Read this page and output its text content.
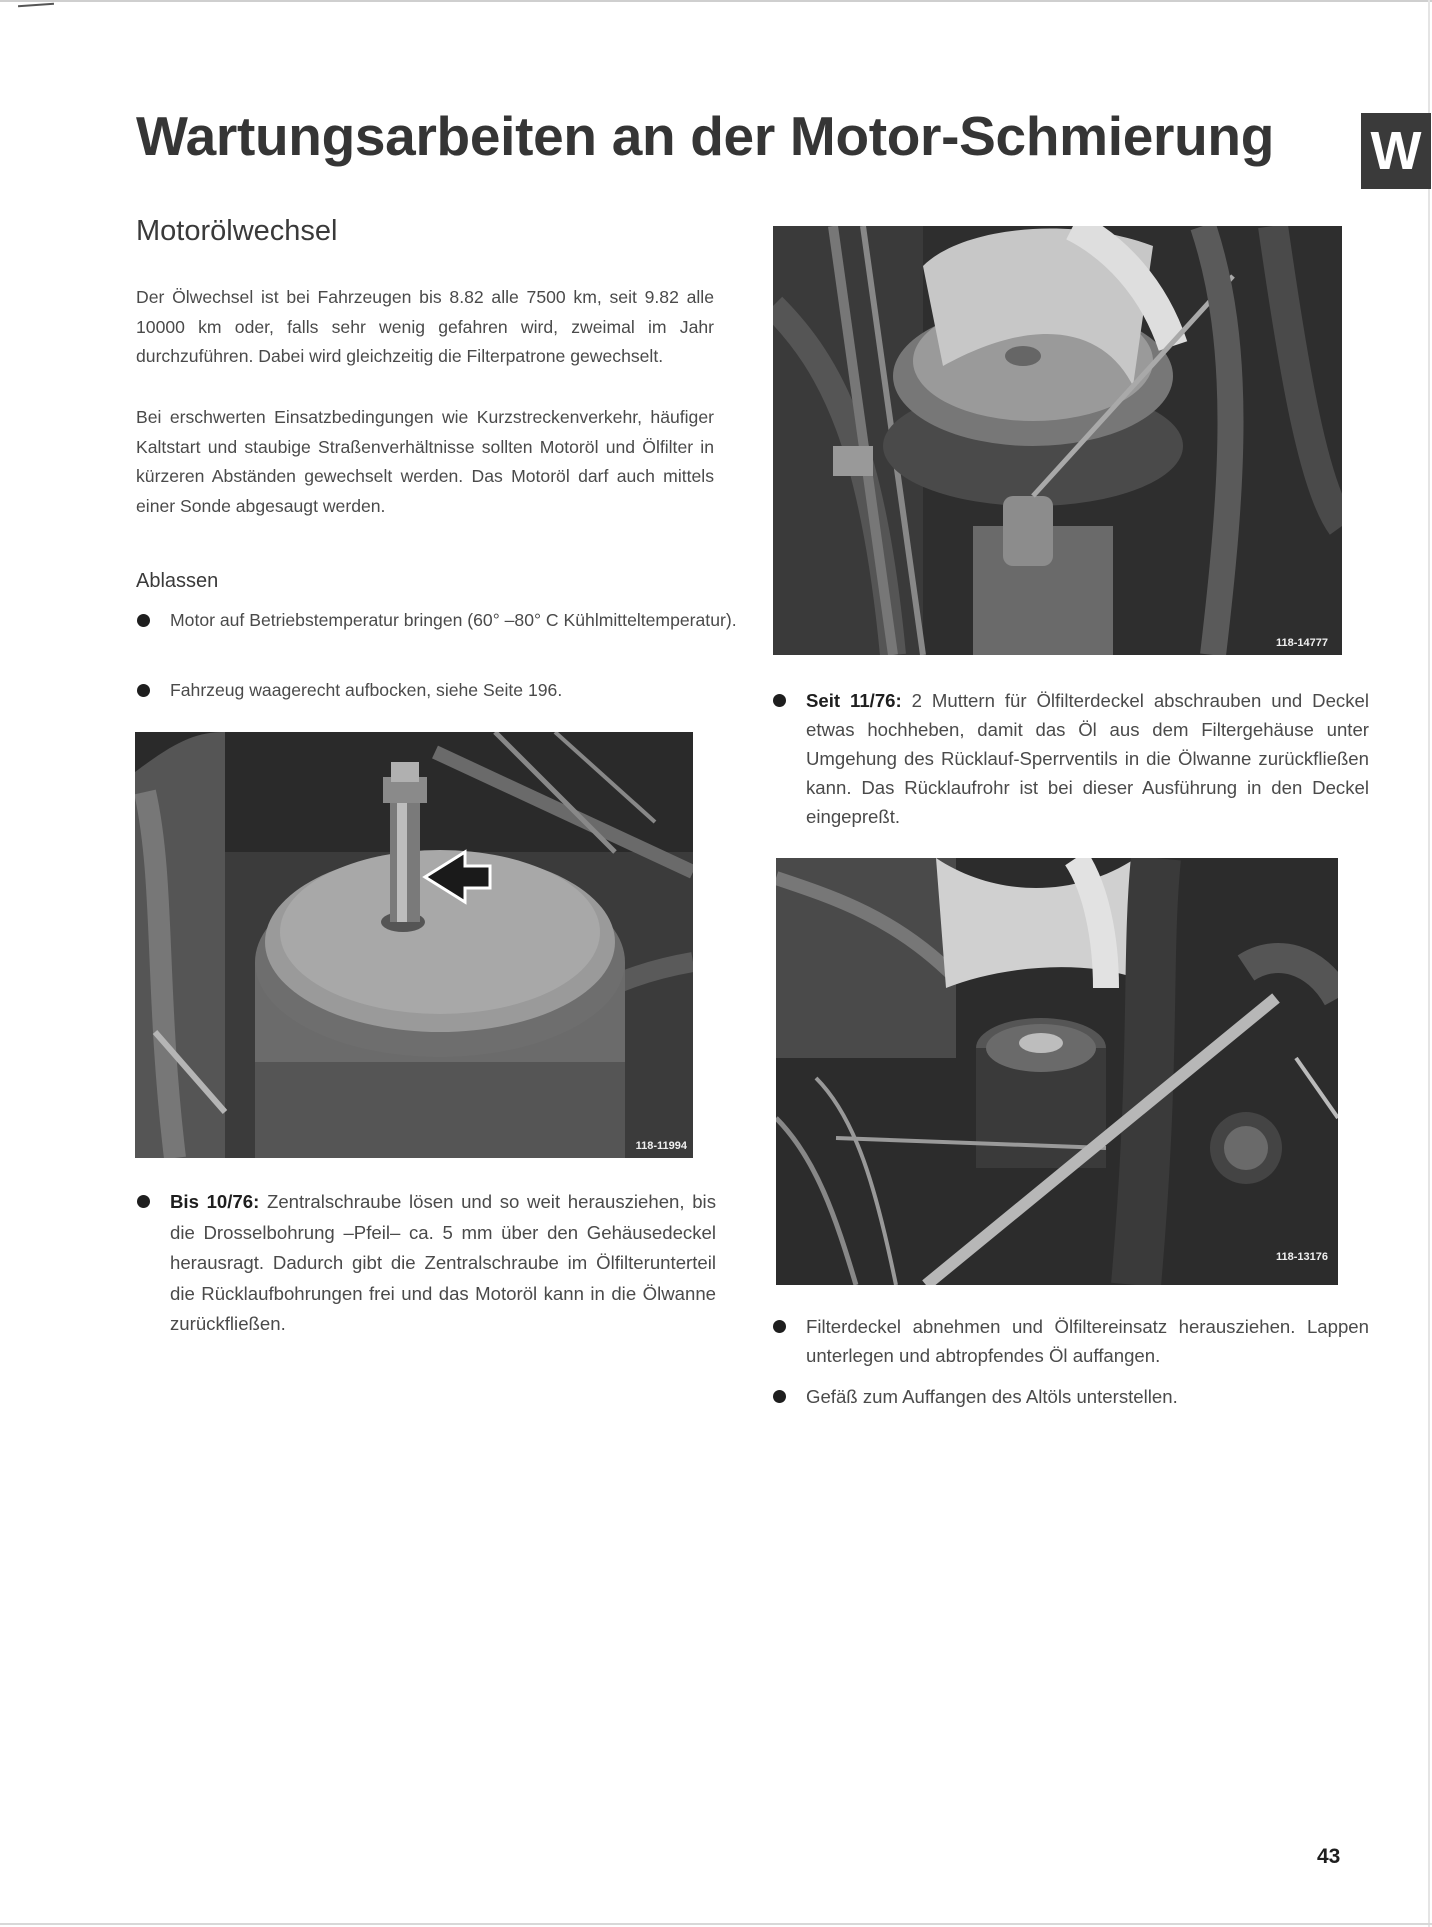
Wartungsarbeiten an der Motor-Schmierung W
Motorölwechsel

Der Ölwechsel ist bei Fahrzeugen bis 8.82 alle 7500 km, seit 9.82 alle 10000 km oder, falls sehr wenig gefahren wird, zweimal im Jahr durchzuführen. Dabei wird gleichzeitig die Filterpatrone gewechselt.

Bei erschwerten Einsatzbedingungen wie Kurzstreckenverkehr, häufiger Kaltstart und staubige Straßenverhältnisse sollten Motoröl und Ölfilter in kürzeren Abständen gewechselt werden. Das Motoröl darf auch mittels einer Sonde abgesaugt werden.

Ablassen

Motor auf Betriebstemperatur bringen (60° –80° C Kühlmitteltemperatur).

Fahrzeug waagerecht aufbocken, siehe Seite 196.

118-11994

Bis 10/76: Zentralschraube lösen und so weit herausziehen, bis die Drosselbohrung –Pfeil– ca. 5 mm über den Gehäusedeckel herausragt. Dadurch gibt die Zentralschraube im Ölfilterunterteil die Rücklaufbohrungen frei und das Motoröl kann in die Ölwanne zurückfließen.

118-14777

Seit 11/76: 2 Muttern für Ölfilterdeckel abschrauben und Deckel etwas hochheben, damit das Öl aus dem Filtergehäuse unter Umgehung des Rücklauf-Sperrventils in die Ölwanne zurückfließen kann. Das Rücklaufrohr ist bei dieser Ausführung in den Deckel eingepreßt.

118-13176

Filterdeckel abnehmen und Ölfiltereinsatz herausziehen. Lappen unterlegen und abtropfendes Öl auffangen.

Gefäß zum Auffangen des Altöls unterstellen.

43
